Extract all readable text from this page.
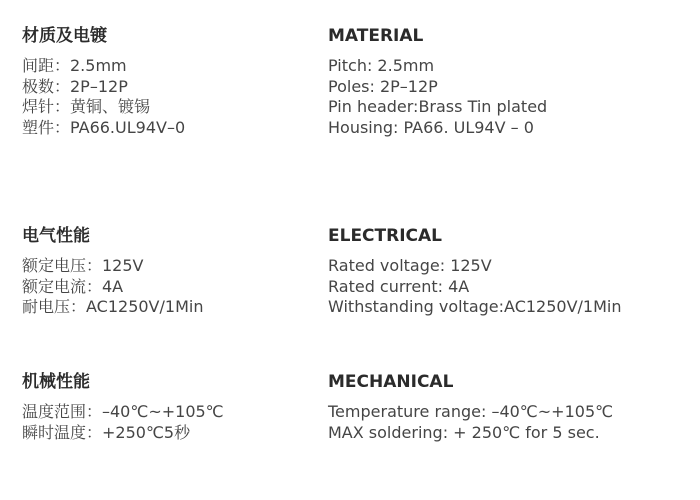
材质及电镀
间距：2.5mm
极数：2P–12P
焊针：黄铜、镀锡
塑件：PA66.UL94V–0
电气性能
额定电压：125V
额定电流：4A
耐电压：AC1250V/1Min
机械性能
温度范围：–40℃~+105℃
瞬时温度：+250℃5秒
MATERIAL
Pitch: 2.5mm
Poles: 2P–12P
Pin header:Brass Tin plated
Housing: PA66. UL94V – 0
ELECTRICAL
Rated voltage: 125V
Rated current: 4A
Withstanding voltage:AC1250V/1Min
MECHANICAL
Temperature range: –40℃~+105℃
MAX soldering: + 250℃ for 5 sec.
